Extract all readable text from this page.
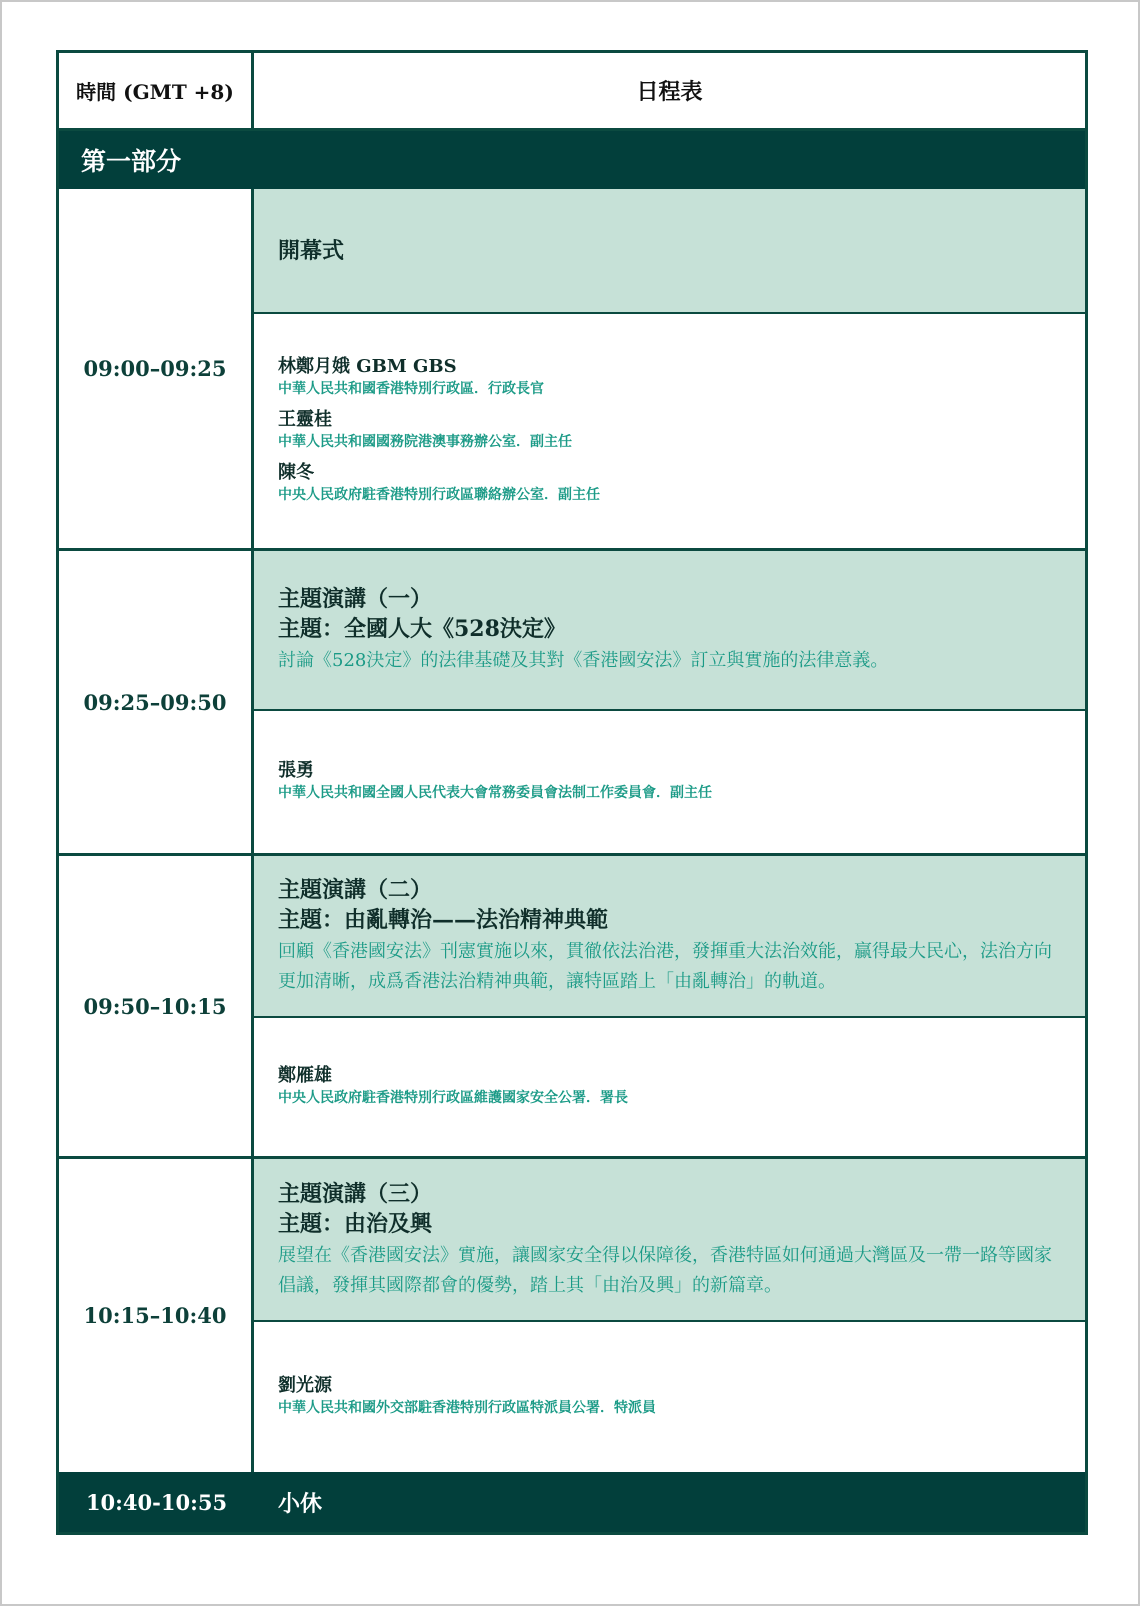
時間 (GMT +8)	日程表
第一部分
09:00–09:25
開幕式
林鄭月娥 GBM GBS
中華人民共和國香港特別行政區．行政長官
王靈桂
中華人民共和國國務院港澳事務辦公室．副主任
陳冬
中央人民政府駐香港特別行政區聯絡辦公室．副主任
09:25–09:50
主題演講（一）
主題：全國人大《528決定》
討論《528決定》的法律基礎及其對《香港國安法》訂立與實施的法律意義。
張勇
中華人民共和國全國人民代表大會常務委員會法制工作委員會．副主任
09:50–10:15
主題演講（二）
主題：由亂轉治——法治精神典範
回顧《香港國安法》刊憲實施以來，貫徹依法治港，發揮重大法治效能，贏得最大民心，法治方向更加清晰，成爲香港法治精神典範，讓特區踏上「由亂轉治」的軌道。
鄭雁雄
中央人民政府駐香港特別行政區維護國家安全公署．署長
10:15–10:40
主題演講（三）
主題：由治及興
展望在《香港國安法》實施，讓國家安全得以保障後，香港特區如何通過大灣區及一帶一路等國家倡議，發揮其國際都會的優勢，踏上其「由治及興」的新篇章。
劉光源
中華人民共和國外交部駐香港特別行政區特派員公署．特派員
10:40-10:55	小休
